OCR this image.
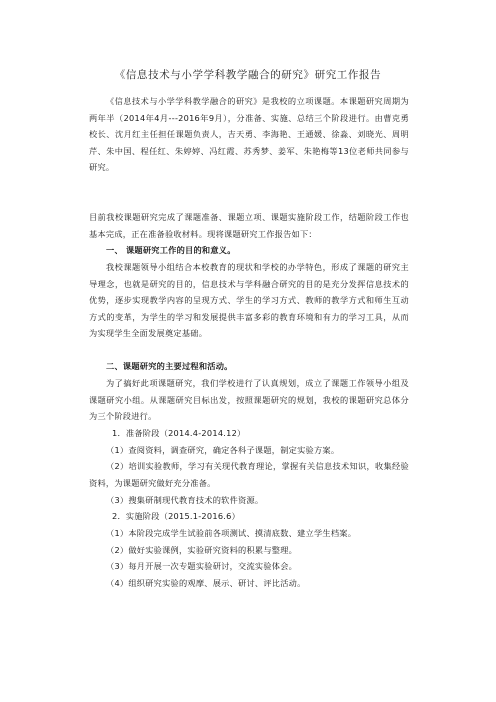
《信息技术与小学学科教学融合的研究》研究工作报告

《信息技术与小学学科教学融合的研究》是我校的立项课题。本课题研究周期为两年半（2014年4月---2016年9月），分准备、实施、总结三个阶段进行。由曹克勇校长、沈月红主任担任课题负责人，吉天勇、李海艳、王通媛、徐淼、刘晓光、周明芹、朱中国、程任红、朱婷婷、冯红霞、苏秀梦、姜军、朱艳梅等13位老师共同参与研究。

目前我校课题研究完成了课题准备、课题立项、课题实施阶段工作，结题阶段工作也基本完成，正在准备验收材料。现将课题研究工作报告如下：

一、 课题研究工作的目的和意义。

我校课题领导小组结合本校教育的现状和学校的办学特色，形成了课题的研究主导理念，也就是研究的目的，信息技术与学科融合研究的目的是充分发挥信息技术的优势，逐步实现教学内容的呈现方式、学生的学习方式、教师的教学方式和师生互动方式的变革，为学生的学习和发展提供丰富多彩的教育环境和有力的学习工具，从而为实现学生全面发展奠定基础。

二、课题研究的主要过程和活动。

为了搞好此项课题研究，我们学校进行了认真规划，成立了课题工作领导小组及课题研究小组。从课题研究目标出发，按照课题研究的规划，我校的课题研究总体分为三个阶段进行。

1．准备阶段（2014.4-2014.12）
（1）查阅资料，调查研究，确定各科子课题，制定实验方案。

（2）培训实验教师，学习有关现代教育理论，掌握有关信息技术知识，收集经验资料，为课题研究做好充分准备。

（3）搜集研制现代教育技术的软件资源。
2．实施阶段（2015.1-2016.6）
（1）本阶段完成学生试验前各项测试、摸清底数、建立学生档案。
（2）做好实验课例，实验研究资料的积累与整理。
（3）每月开展一次专题实验研讨，交流实验体会。
（4）组织研究实验的观摩、展示、研讨、评比活动。
